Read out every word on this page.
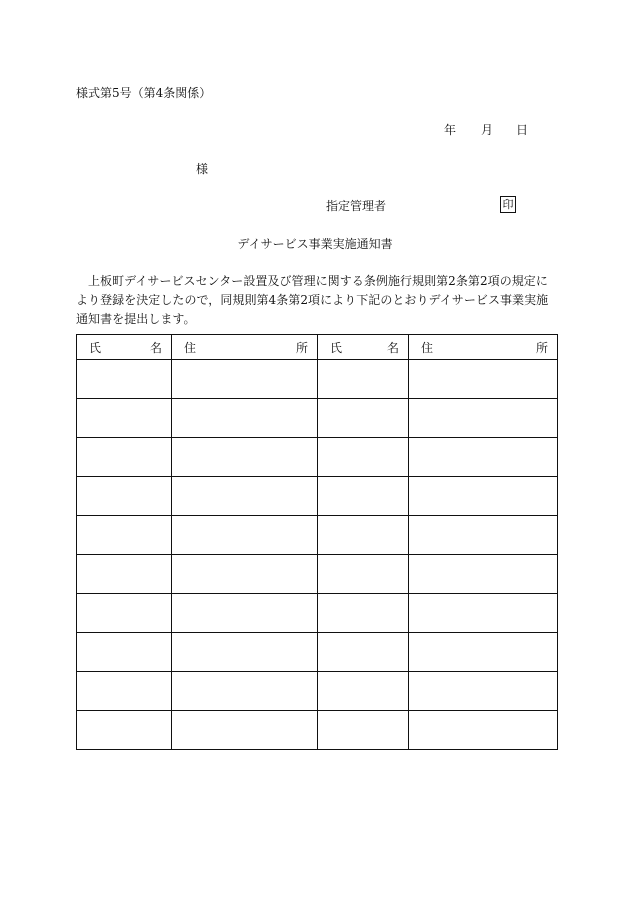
様式第5号（第4条関係）
年 月 日
様
指定管理者	印
デイサービス事業実施通知書
上板町デイサービスセンター設置及び管理に関する条例施行規則第2条第2項の規定により登録を決定したので，同規則第4条第2項により下記のとおりデイサービス事業実施通知書を提出します。
氏 名	住 所	氏 名	住 所
